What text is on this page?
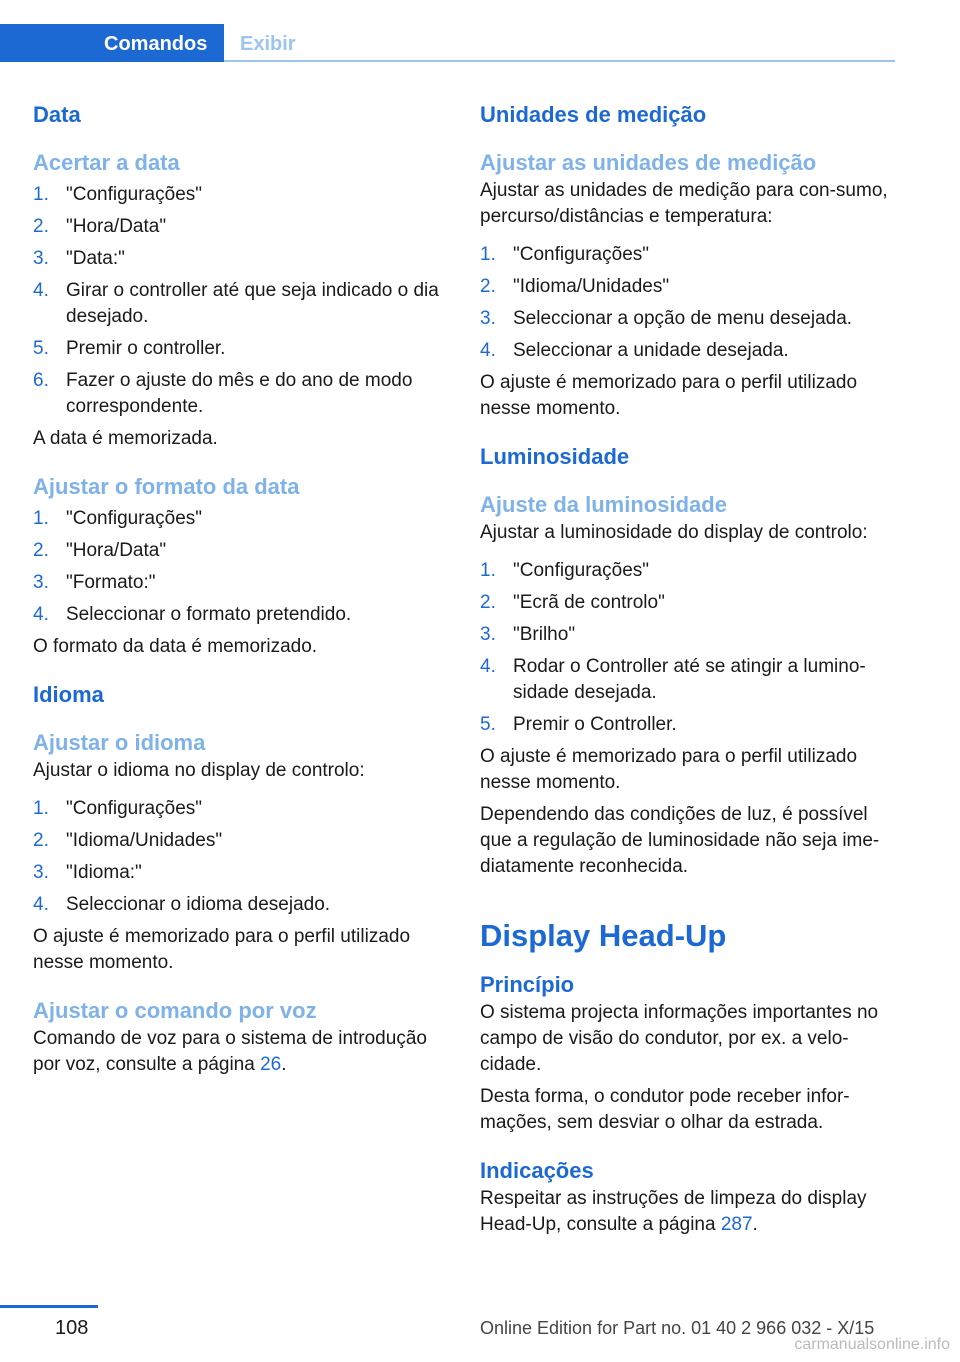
Comandos Exibir
Data
Acertar a data
1. "Configurações"
2. "Hora/Data"
3. "Data:"
4. Girar o controller até que seja indicado o dia desejado.
5. Premir o controller.
6. Fazer o ajuste do mês e do ano de modo correspondente.

A data é memorizada.

Ajustar o formato da data
1. "Configurações"
2. "Hora/Data"
3. "Formato:"
4. Seleccionar o formato pretendido.

O formato da data é memorizado.

Idioma
Ajustar o idioma

Ajustar o idioma no display de controlo:

1. "Configurações"
2. "Idioma/Unidades"
3. "Idioma:"
4. Seleccionar o idioma desejado.

O ajuste é memorizado para o perfil utilizado nesse momento.

Ajustar o comando por voz

Comando de voz para o sistema de introdução por voz, consulte a página 26.

Unidades de medição
Ajustar as unidades de medição

Ajustar as unidades de medição para con‐sumo, percurso/distâncias e temperatura:

1. "Configurações"
2. "Idioma/Unidades"
3. Seleccionar a opção de menu desejada.
4. Seleccionar a unidade desejada.

O ajuste é memorizado para o perfil utilizado nesse momento.

Luminosidade
Ajuste da luminosidade

Ajustar a luminosidade do display de controlo:

1. "Configurações"
2. "Ecrã de controlo"
3. "Brilho"
4. Rodar o Controller até se atingir a lumino‐sidade desejada.
5. Premir o Controller.

O ajuste é memorizado para o perfil utilizado nesse momento.

Dependendo das condições de luz, é possível que a regulação de luminosidade não seja ime‐diatamente reconhecida.

Display Head-Up
Princípio

O sistema projecta informações importantes no campo de visão do condutor, por ex. a velo‐cidade.

Desta forma, o condutor pode receber infor‐mações, sem desviar o olhar da estrada.

Indicações

Respeitar as instruções de limpeza do display Head-Up, consulte a página 287.

108	Online Edition for Part no. 01 40 2 966 032 - X/15
carmanualsonline.info
